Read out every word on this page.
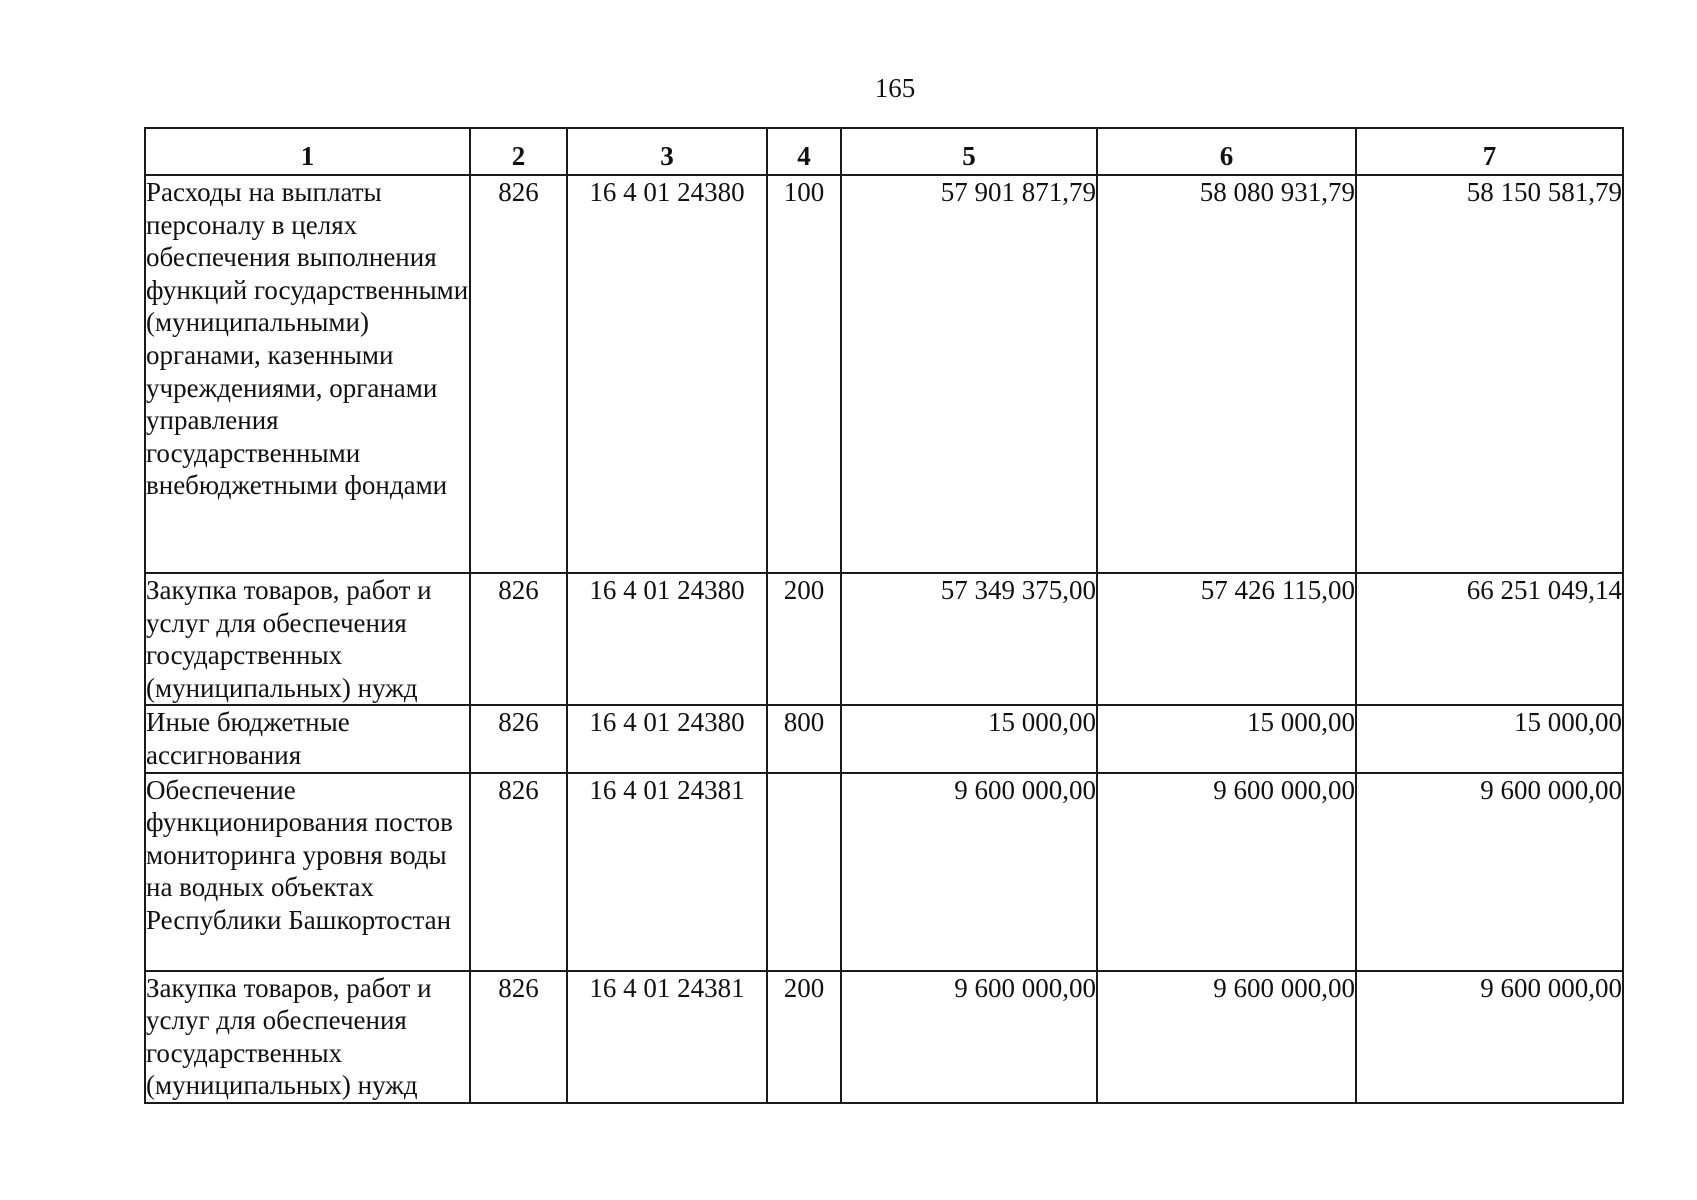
165
1	2	3	4	5	6	7
Расходы на выплаты персоналу в целях обеспечения выполнения функций государственными (муниципальными) органами, казенными учреждениями, органами управления государственными внебюджетными фондами	826	16 4 01 24380	100	57 901 871,79	58 080 931,79	58 150 581,79
Закупка товаров, работ и услуг для обеспечения государственных (муниципальных) нужд	826	16 4 01 24380	200	57 349 375,00	57 426 115,00	66 251 049,14
Иные бюджетные ассигнования	826	16 4 01 24380	800	15 000,00	15 000,00	15 000,00
Обеспечение функционирования постов мониторинга уровня воды на водных объектах Республики Башкортостан	826	16 4 01 24381		9 600 000,00	9 600 000,00	9 600 000,00
Закупка товаров, работ и услуг для обеспечения государственных (муниципальных) нужд	826	16 4 01 24381	200	9 600 000,00	9 600 000,00	9 600 000,00
